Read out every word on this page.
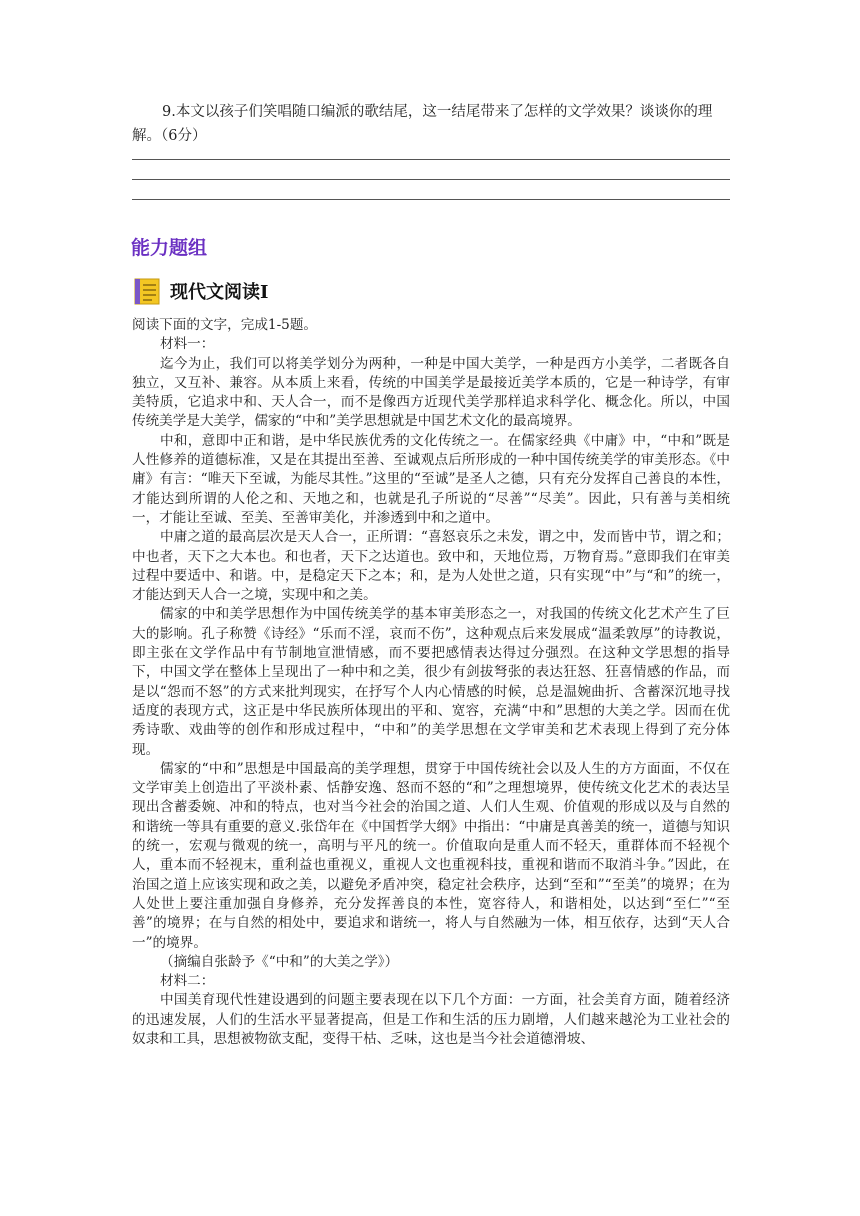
9.本文以孩子们笑唱随口编派的歌结尾，这一结尾带来了怎样的文学效果？谈谈你的理解。（6分）
能力题组
现代文阅读Ⅰ

阅读下面的文字，完成1-5题。

材料一：

迄今为止，我们可以将美学划分为两种，一种是中国大美学，一种是西方小美学，二者既各自独立，又互补、兼容。从本质上来看，传统的中国美学是最接近美学本质的，它是一种诗学，有审美特质，它追求中和、天人合一，而不是像西方近现代美学那样追求科学化、概念化。所以，中国传统美学是大美学，儒家的“中和”美学思想就是中国艺术文化的最高境界。

中和，意即中正和谐，是中华民族优秀的文化传统之一。在儒家经典《中庸》中，“中和”既是人性修养的道德标准，又是在其提出至善、至诚观点后所形成的一种中国传统美学的审美形态。《中庸》有言：“唯天下至诚，为能尽其性。”这里的“至诚”是圣人之德，只有充分发挥自己善良的本性，才能达到所谓的人伦之和、天地之和，也就是孔子所说的“尽善”“尽美”。因此，只有善与美相统一，才能让至诚、至美、至善审美化，并渗透到中和之道中。

中庸之道的最高层次是天人合一，正所谓：“喜怒哀乐之未发，谓之中，发而皆中节，谓之和；中也者，天下之大本也。和也者，天下之达道也。致中和，天地位焉，万物育焉。”意即我们在审美过程中要适中、和谐。中，是稳定天下之本；和，是为人处世之道，只有实现“中”与“和”的统一，才能达到天人合一之境，实现中和之美。

儒家的中和美学思想作为中国传统美学的基本审美形态之一，对我国的传统文化艺术产生了巨大的影响。孔子称赞《诗经》“乐而不淫，哀而不伤”，这种观点后来发展成“温柔敦厚”的诗教说，即主张在文学作品中有节制地宣泄情感，而不要把感情表达得过分强烈。在这种文学思想的指导下，中国文学在整体上呈现出了一种中和之美，很少有剑拔弩张的表达狂怒、狂喜情感的作品，而是以“怨而不怒”的方式来批判现实，在抒写个人内心情感的时候，总是温婉曲折、含蓄深沉地寻找适度的表现方式，这正是中华民族所体现出的平和、宽容，充满“中和”思想的大美之学。因而在优秀诗歌、戏曲等的创作和形成过程中，“中和”的美学思想在文学审美和艺术表现上得到了充分体现。

儒家的“中和”思想是中国最高的美学理想，贯穿于中国传统社会以及人生的方方面面，不仅在文学审美上创造出了平淡朴素、恬静安逸、怒而不怒的“和”之理想境界，使传统文化艺术的表达呈现出含蓄委婉、冲和的特点，也对当今社会的治国之道、人们人生观、价值观的形成以及与自然的和谐统一等具有重要的意义.张岱年在《中国哲学大纲》中指出：“中庸是真善美的统一，道德与知识的统一，宏观与微观的统一，高明与平凡的统一。价值取向是重人而不轻天，重群体而不轻视个人，重本而不轻视末，重利益也重视义，重视人文也重视科技，重视和谐而不取消斗争。”因此，在治国之道上应该实现和政之美，以避免矛盾冲突，稳定社会秩序，达到“至和”“至美”的境界；在为人处世上要注重加强自身修养，充分发挥善良的本性，宽容待人，和谐相处，以达到“至仁”“至善”的境界；在与自然的相处中，要追求和谐统一，将人与自然融为一体，相互依存，达到“天人合一”的境界。

（摘编自张龄予《“中和”的大美之学》）

材料二：

中国美育现代性建设遇到的问题主要表现在以下几个方面：一方面，社会美育方面，随着经济的迅速发展，人们的生活水平显著提高，但是工作和生活的压力剧增，人们越来越沦为工业社会的奴隶和工具，思想被物欲支配，变得干枯、乏味，这也是当今社会道德滑坡、
